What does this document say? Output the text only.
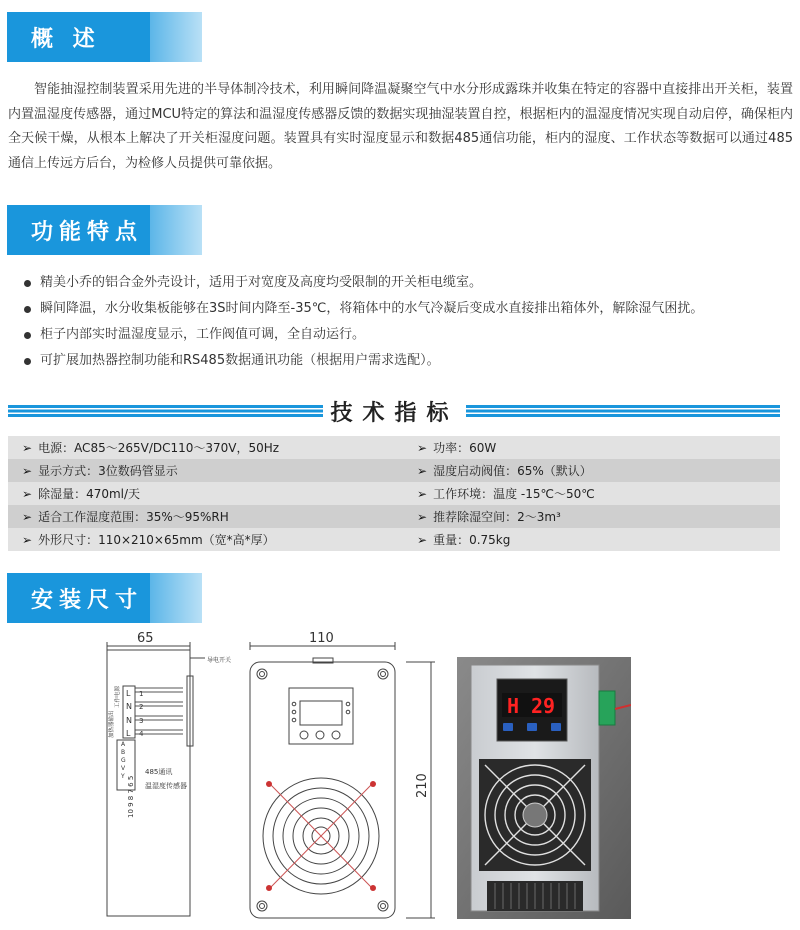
概 述
智能抽湿控制装置采用先进的半导体制冷技术，利用瞬间降温凝聚空气中水分形成露珠并收集在特定的容器中直接排出开关柜，装置内置温湿度传感器，通过MCU特定的算法和温湿度传感器反馈的数据实现抽湿装置自控，根据柜内的温湿度情况实现自动启停，确保柜内全天候干燥，从根本上解决了开关柜湿度问题。装置具有实时湿度显示和数据485通信功能，柜内的湿度、工作状态等数据可以通过485通信上传远方后台，为检修人员提供可靠依据。
功能特点
精美小乔的铝合金外壳设计，适用于对宽度及高度均受限制的开关柜电缆室。
瞬间降温，水分收集板能够在3S时间内降至-35℃，将箱体中的水气冷凝后变成水直接排出箱体外，解除湿气困扰。
柜子内部实时温湿度显示，工作阀值可调，全自动运行。
可扩展加热器控制功能和RS485数据通讯功能（根据用户需求选配）。
技术指标
➢ 电源：AC85～265V/DC110～370V，50Hz	➢ 功率：60W
➢ 显示方式：3位数码管显示	➢ 湿度启动阀值：65%（默认）
➢ 除湿量：470ml/天	➢ 工作环境：温度 -15℃～50℃
➢ 适合工作湿度范围：35%～95%RH	➢ 推荐除湿空间：2～3m³
➢ 外形尺寸：110×210×65mm（宽*高*厚）	➢ 重量：0.75kg
安装尺寸
65	110
210
导电开关
L
N
N
L
1
2
3
4
加热器输出
工作电源
10 9 8 7 6 5
A
B
G
V
Y
485通讯
温湿度传感器
H 29
